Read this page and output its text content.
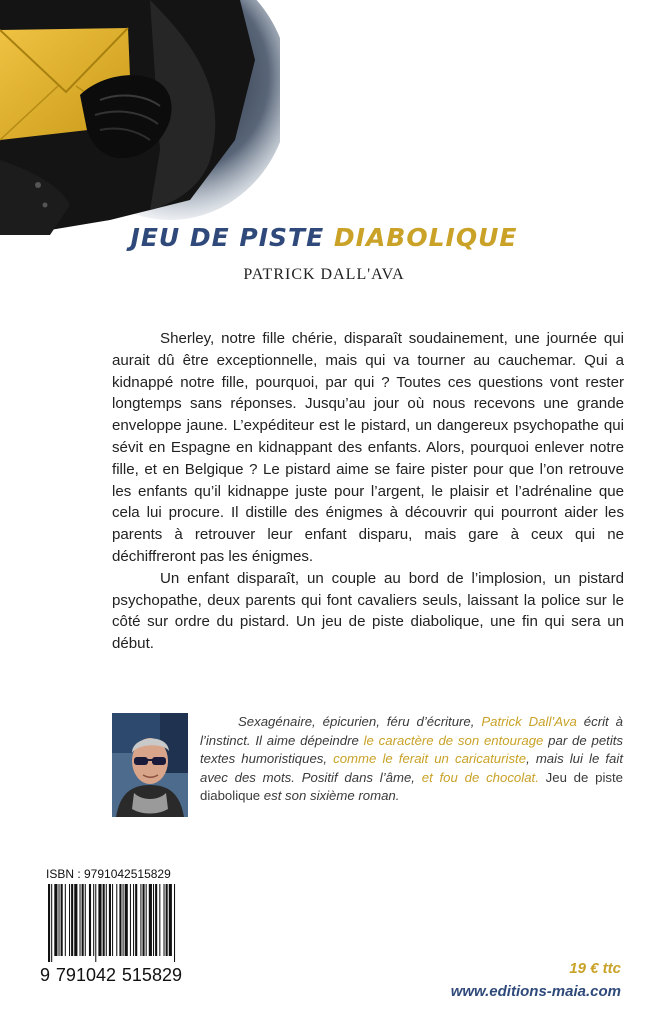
JEU DE PISTE DIABOLIQUE
PATRICK DALL'AVA

Sherley, notre fille chérie, disparaît soudainement, une journée qui aurait dû être exceptionnelle, mais qui va tourner au cauchemar. Qui a kidnappé notre fille, pourquoi, par qui ? Toutes ces questions vont rester longtemps sans réponses. Jusqu’au jour où nous recevons une grande enveloppe jaune. L’expéditeur est le pistard, un dangereux psychopathe qui sévit en Espagne en kidnappant des enfants. Alors, pourquoi enlever notre fille, et en Belgique ? Le pistard aime se faire pister pour que l’on retrouve les enfants qu’il kidnappe juste pour l’argent, le plaisir et l’adrénaline que cela lui procure. Il distille des énigmes à découvrir qui pourront aider les parents à retrouver leur enfant disparu, mais gare à ceux qui ne déchiffreront pas les énigmes.

Un enfant disparaît, un couple au bord de l’implosion, un pistard psychopathe, deux parents qui font cavaliers seuls, laissant la police sur le côté sur ordre du pistard. Un jeu de piste diabolique, une fin qui sera un début.

Sexagénaire, épicurien, féru d’écriture, Patrick Dall’Ava écrit à l’instinct. Il aime dépeindre le caractère de son entourage par de petits textes humoristiques, comme le ferait un caricaturiste, mais lui le fait avec des mots. Positif dans l’âme, et fou de chocolat. Jeu de piste diabolique est son sixième roman.

ISBN : 9791042515829
9 791042 515829	19 € ttc
www.editions-maia.com
